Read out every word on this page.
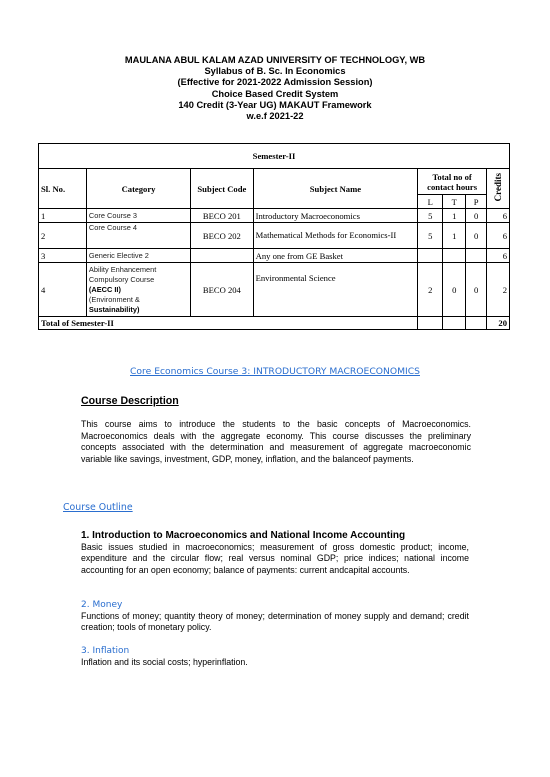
MAULANA ABUL KALAM AZAD UNIVERSITY OF TECHNOLOGY, WB
Syllabus of B. Sc. In Economics
(Effective for 2021-2022 Admission Session)
Choice Based Credit System
140 Credit (3-Year UG) MAKAUT Framework
w.e.f 2021-22
Semester-II							
Sl. No.	Category	Subject Code	Subject Name	Total no of contact hours			Credits
				L	T	P	
1	Core Course 3	BECO 201	Introductory Macroeconomics	5	1	0	6
2	Core Course 4	BECO 202	Mathematical Methods for Economics-II	5	1	0	6
3	Generic Elective 2		Any one from GE Basket				6
4	Ability Enhancement
Compulsory Course
(AECC II)
(Environment &
Sustainability)	BECO 204	Environmental Science	2	0	0	2
Total of Semester-II							20
Core Economics Course 3: INTRODUCTORY MACROECONOMICS
Course Description
This course aims to introduce the students to the basic concepts of Macroeconomics. Macroeconomics deals with the aggregate economy. This course discusses the preliminary concepts associated with the determination and measurement of aggregate macroeconomic variable like savings, investment, GDP, money, inflation, and the balanceof payments.
Course Outline
1. Introduction to Macroeconomics and National Income Accounting
Basic issues studied in macroeconomics; measurement of gross domestic product; income, expenditure and the circular flow; real versus nominal GDP; price indices; national income accounting for an open economy; balance of payments: current andcapital accounts.
2. Money
Functions of money; quantity theory of money; determination of money supply and demand; credit creation; tools of monetary policy.
3. Inflation
Inflation and its social costs; hyperinflation.
